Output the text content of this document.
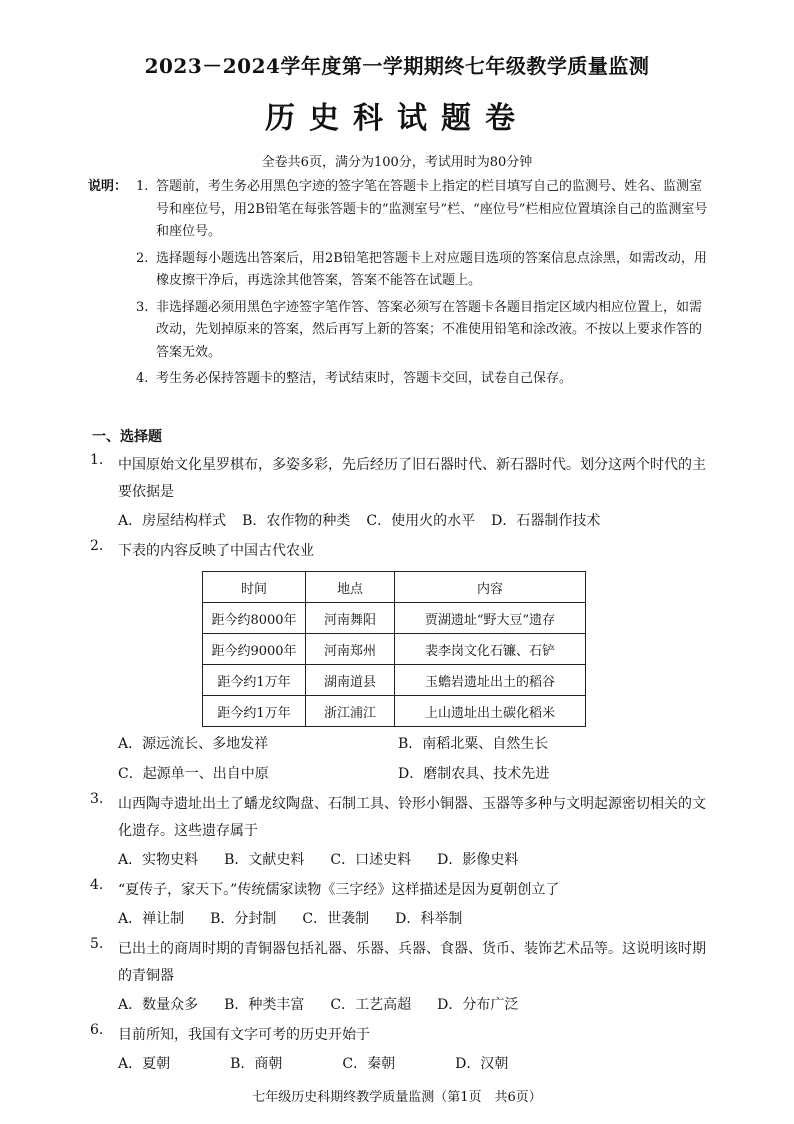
2023－2024学年度第一学期期终七年级教学质量监测
历史科试题卷
全卷共6页，满分为100分，考试用时为80分钟
说明： 1. 答题前，考生务必用黑色字迹的签字笔在答题卡上指定的栏目填写自己的监测号、姓名、监测室号和座位号，用2B铅笔在每张答题卡的“监测室号”栏、“座位号”栏相应位置填涂自己的监测室号和座位号。
2. 选择题每小题选出答案后，用2B铅笔把答题卡上对应题目选项的答案信息点涂黑，如需改动，用橡皮擦干净后，再选涂其他答案，答案不能答在试题上。
3. 非选择题必须用黑色字迹签字笔作答、答案必须写在答题卡各题目指定区域内相应位置上，如需改动，先划掉原来的答案，然后再写上新的答案；不准使用铅笔和涂改液。不按以上要求作答的答案无效。
4. 考生务必保持答题卡的整洁，考试结束时，答题卡交回，试卷自己保存。
一、选择题
1. 中国原始文化星罗棋布，多姿多彩，先后经历了旧石器时代、新石器时代。划分这两个时代的主要依据是
A．房屋结构样式 B．农作物的种类 C．使用火的水平 D．石器制作技术
2. 下表的内容反映了中国古代农业
时间	地点	内容
距今约8000年	河南舞阳	贾湖遗址“野大豆”遗存
距今约9000年	河南郑州	裴李岗文化石镰、石铲
距今约1万年	湖南道县	玉蟾岩遗址出土的稻谷
距今约1万年	浙江浦江	上山遗址出土碳化稻米
A．源远流长、多地发祥	B．南稻北粟、自然生长
C．起源单一、出自中原	D．磨制农具、技术先进
3. 山西陶寺遗址出土了蟠龙纹陶盘、石制工具、铃形小铜器、玉器等多种与文明起源密切相关的文化遗存。这些遗存属于
A．实物史料 B．文献史料 C．口述史料 D．影像史料
4. “夏传子，家天下。”传统儒家读物《三字经》这样描述是因为夏朝创立了
A．禅让制 B．分封制 C．世袭制 D．科举制
5. 已出土的商周时期的青铜器包括礼器、乐器、兵器、食器、货币、装饰艺术品等。这说明该时期的青铜器
A．数量众多 B．种类丰富 C．工艺高超 D．分布广泛
6. 目前所知，我国有文字可考的历史开始于
A．夏朝	B．商朝	C．秦朝	D．汉朝
七年级历史科期终教学质量监测（第1页　共6页）
